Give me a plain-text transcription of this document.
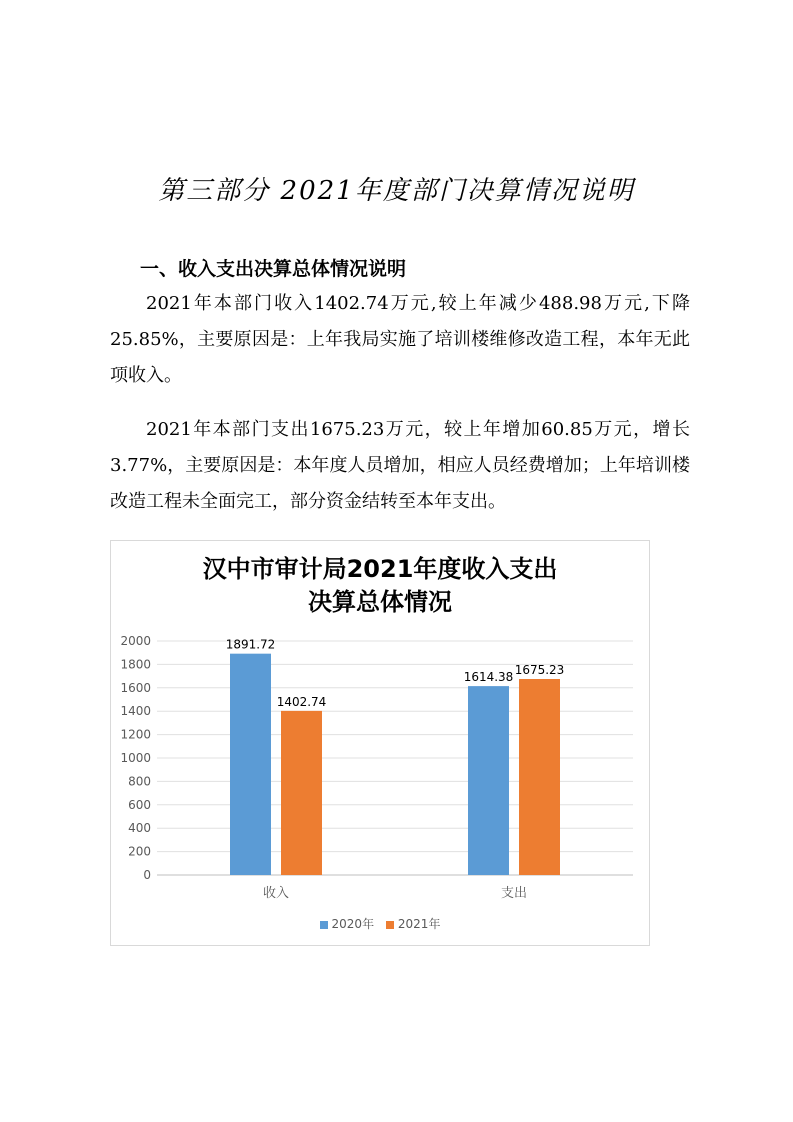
第三部分 2021年度部门决算情况说明
一、收入支出决算总体情况说明

2021年本部门收入1402.74万元,较上年减少488.98万元,下降25.85%，主要原因是：上年我局实施了培训楼维修改造工程，本年无此项收入。

2021年本部门支出1675.23万元，较上年增加60.85万元，增长3.77%，主要原因是：本年度人员增加，相应人员经费增加；上年培训楼改造工程未全面完工，部分资金结转至本年支出。

汉中市审计局2021年度收入支出
决算总体情况
0
200
400
600
800
1000
1200
1400
1600
1800
2000	1891.72
1402.74
收入
1614.38
1675.23
支出
2020年 2021年
